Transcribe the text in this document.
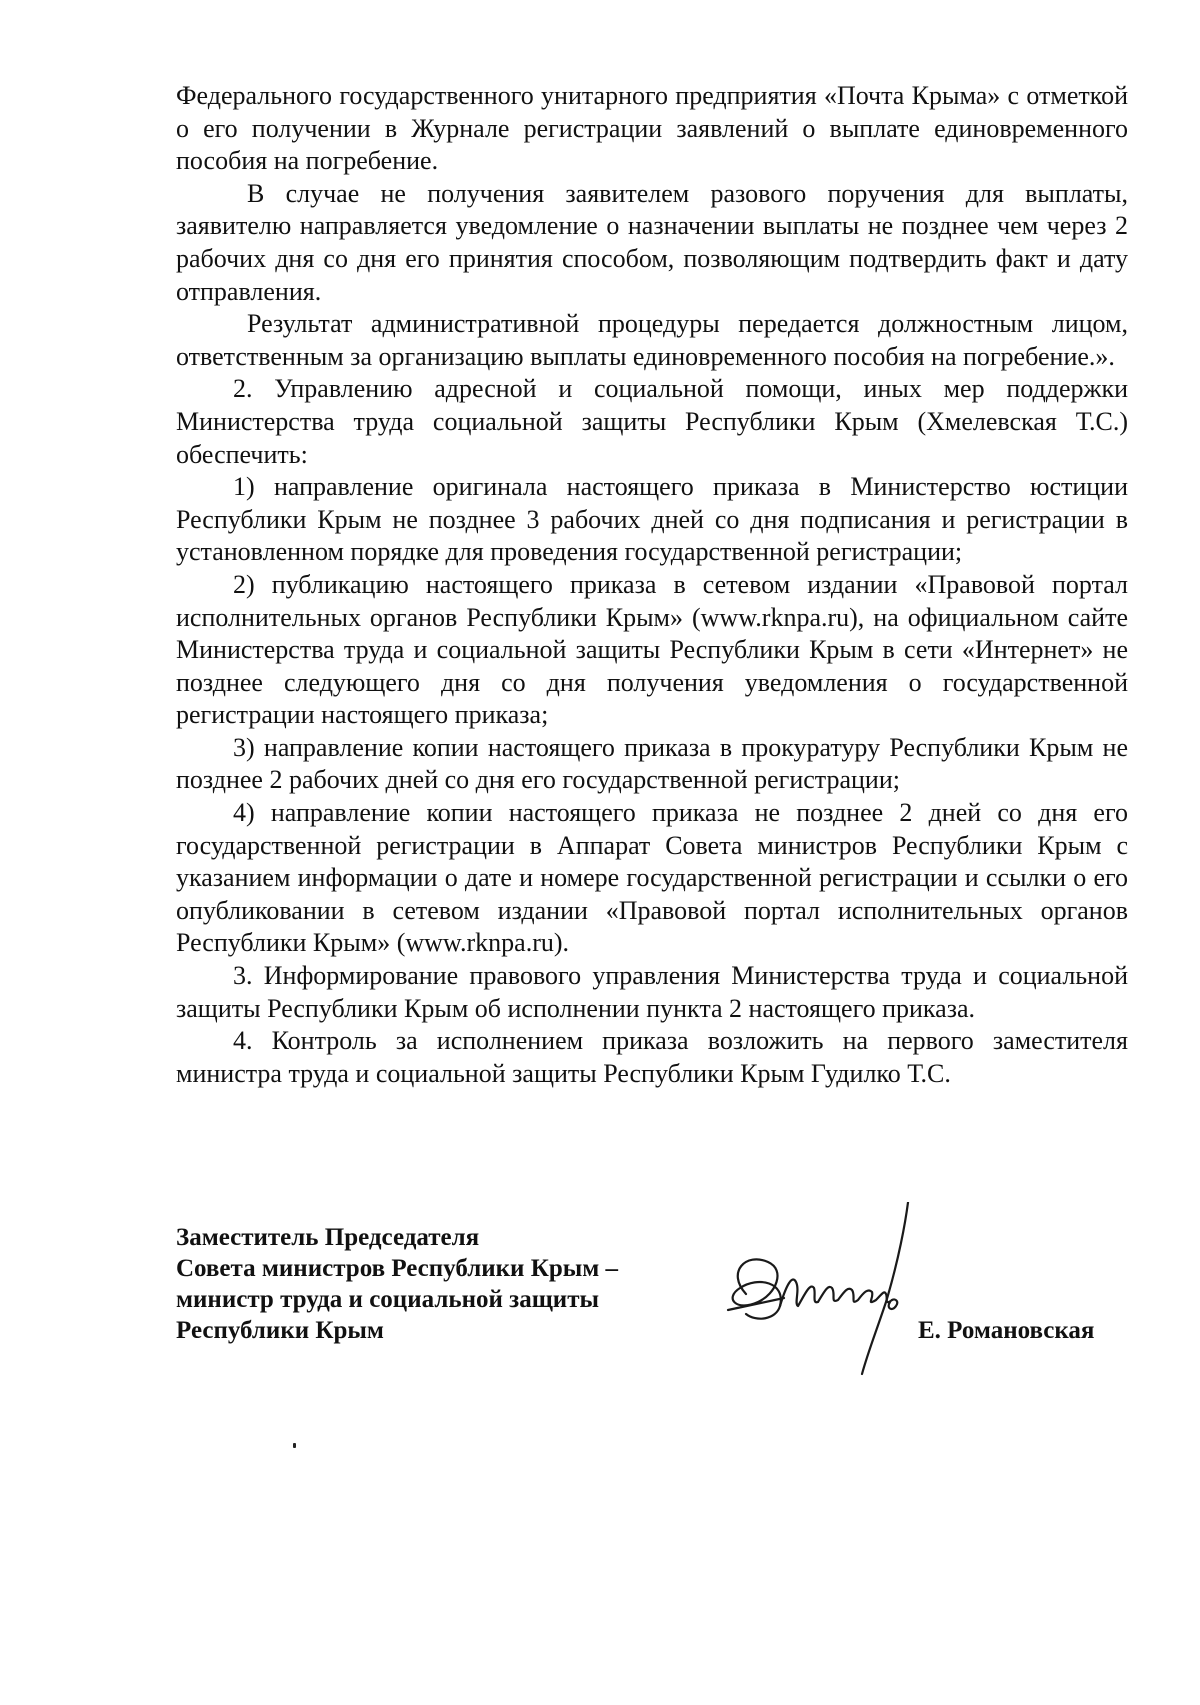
Федерального государственного унитарного предприятия «Почта Крыма» с отметкой о его получении в Журнале регистрации заявлений о выплате единовременного пособия на погребение.

В случае не получения заявителем разового поручения для выплаты, заявителю направляется уведомление о назначении выплаты не позднее чем через 2 рабочих дня со дня его принятия способом, позволяющим подтвердить факт и дату отправления.

Результат административной процедуры передается должностным лицом, ответственным за организацию выплаты единовременного пособия на погребение.».

2. Управлению адресной и социальной помощи, иных мер поддержки Министерства труда социальной защиты Республики Крым (Хмелевская Т.С.) обеспечить:

1) направление оригинала настоящего приказа в Министерство юстиции Республики Крым не позднее 3 рабочих дней со дня подписания и регистрации в установленном порядке для проведения государственной регистрации;

2) публикацию настоящего приказа в сетевом издании «Правовой портал исполнительных органов Республики Крым» (www.rknpa.ru), на официальном сайте Министерства труда и социальной защиты Республики Крым в сети «Интернет» не позднее следующего дня со дня получения уведомления о государственной регистрации настоящего приказа;

3) направление копии настоящего приказа в прокуратуру Республики Крым не позднее 2 рабочих дней со дня его государственной регистрации;

4) направление копии настоящего приказа не позднее 2 дней со дня его государственной регистрации в Аппарат Совета министров Республики Крым с указанием информации о дате и номере государственной регистрации и ссылки о его опубликовании в сетевом издании «Правовой портал исполнительных органов Республики Крым» (www.rknpa.ru).

3. Информирование правового управления Министерства труда и социальной защиты Республики Крым об исполнении пункта 2 настоящего приказа.

4. Контроль за исполнением приказа возложить на первого заместителя министра труда и социальной защиты Республики Крым Гудилко Т.С.

Заместитель Председателя
Совета министров Республики Крым –
министр труда и социальной защиты
Республики Крым	Е. Романовская
